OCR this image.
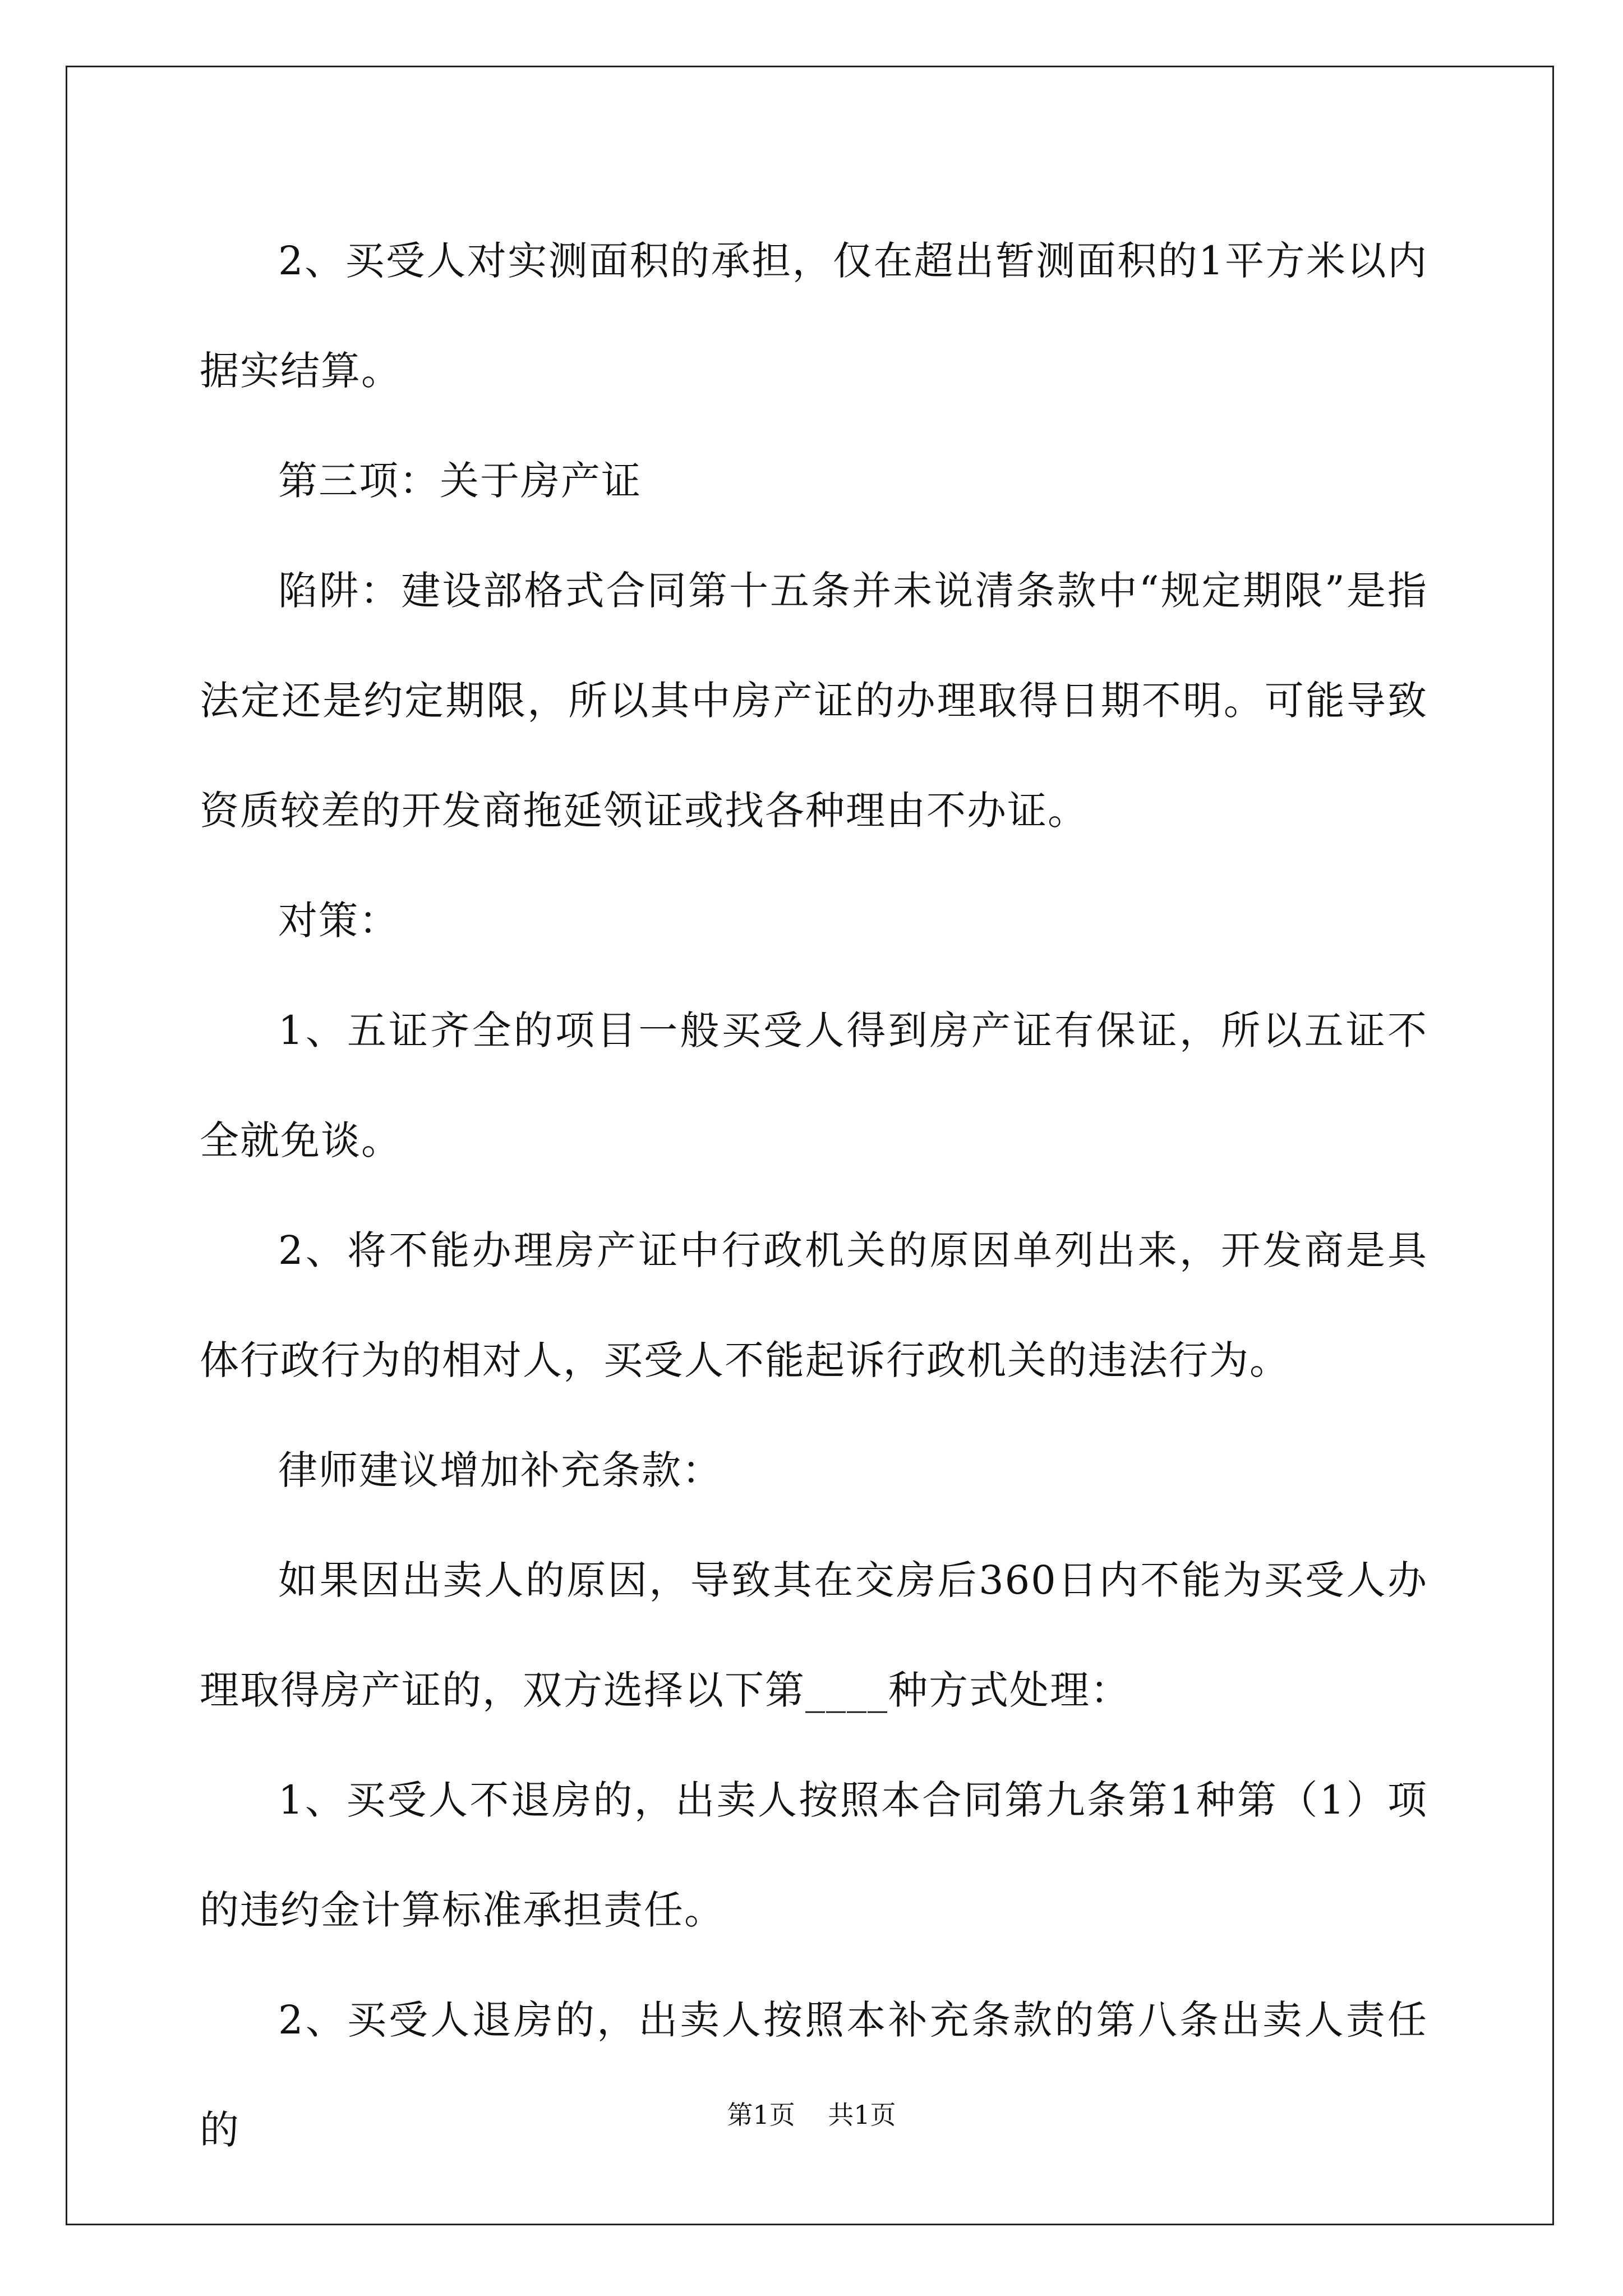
2、买受人对实测面积的承担，仅在超出暂测面积的1平方米以内据实结算。

第三项：关于房产证

陷阱：建设部格式合同第十五条并未说清条款中“规定期限”是指法定还是约定期限，所以其中房产证的办理取得日期不明。可能导致资质较差的开发商拖延领证或找各种理由不办证。

对策：

1、五证齐全的项目一般买受人得到房产证有保证，所以五证不全就免谈。

2、将不能办理房产证中行政机关的原因单列出来，开发商是具体行政行为的相对人，买受人不能起诉行政机关的违法行为。

律师建议增加补充条款：

如果因出卖人的原因，导致其在交房后360日内不能为买受人办理取得房产证的，双方选择以下第____种方式处理：

1、买受人不退房的，出卖人按照本合同第九条第1种第（1）项的违约金计算标准承担责任。

2、买受人退房的，出卖人按照本补充条款的第八条出卖人责任的	第1页 共1页
